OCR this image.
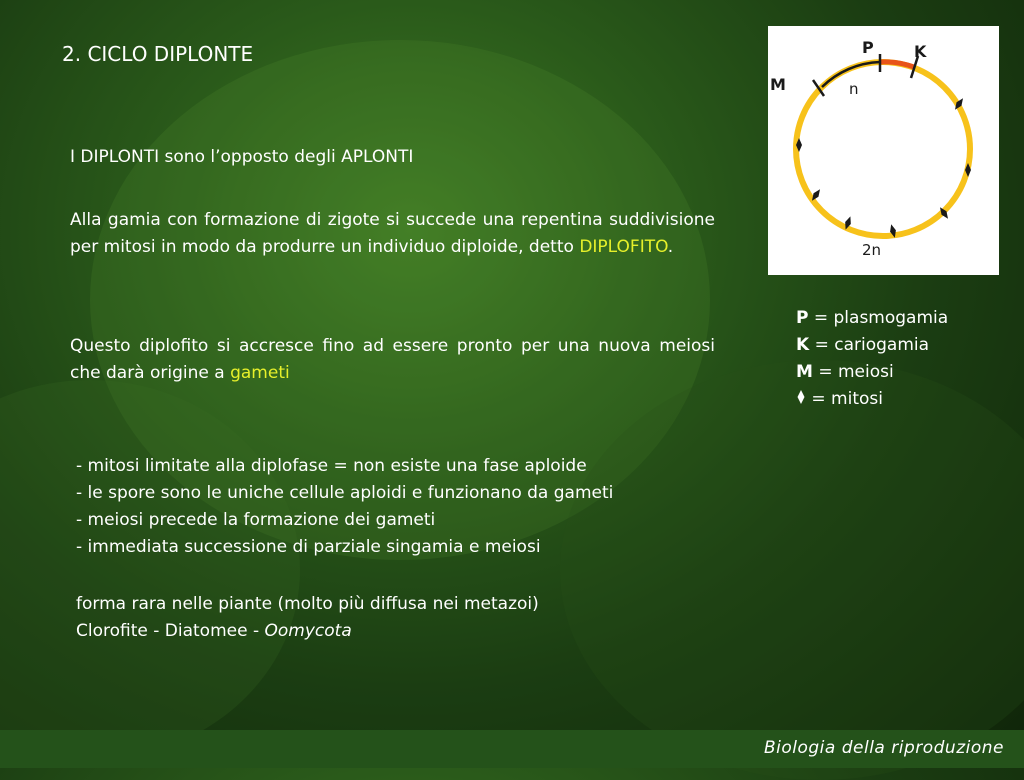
2. CICLO DIPLONTE
I DIPLONTI sono l’opposto degli APLONTI
Alla gamia con formazione di zigote si succede una repentina suddivisione per mitosi in modo da produrre un individuo diploide, detto DIPLOFITO.
Questo diplofito si accresce fino ad essere pronto per una nuova meiosi che darà origine a gameti
- mitosi limitate alla diplofase = non esiste una fase aploide
- le spore sono le uniche cellule aploidi e funzionano da gameti
- meiosi precede la formazione dei gameti
- immediata successione di parziale singamia e meiosi
forma rara nelle piante (molto più diffusa nei metazoi)
Clorofite - Diatomee - Oomycota
P	K
M	n
2n
P = plasmogamia
K = cariogamia
M = meiosi
= mitosi
Biologia della riproduzione
